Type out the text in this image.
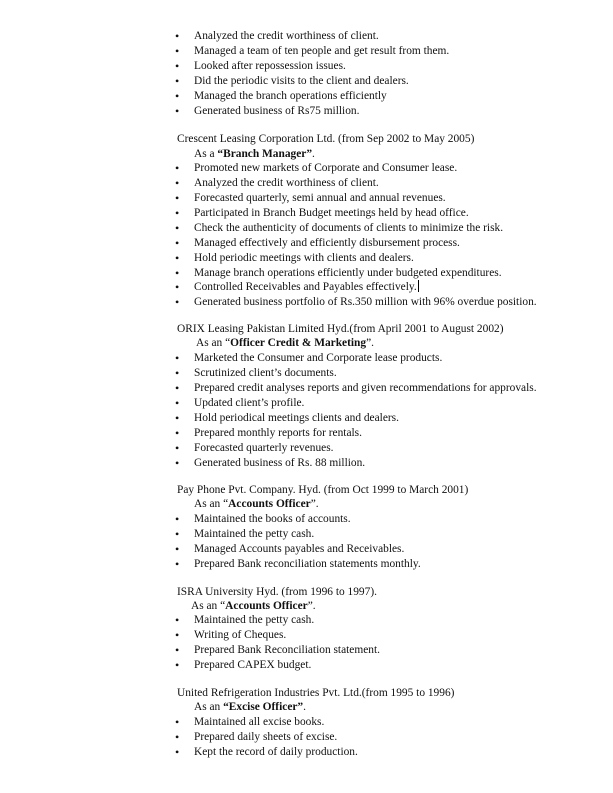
• Analyzed the credit worthiness of client.
• Managed a team of ten people and get result from them.
• Looked after repossession issues.
• Did the periodic visits to the client and dealers.
• Managed the branch operations efficiently
• Generated business of Rs75 million.
Crescent Leasing Corporation Ltd. (from Sep 2002 to May 2005)
As a “Branch Manager”.
• Promoted new markets of Corporate and Consumer lease.
• Analyzed the credit worthiness of client.
• Forecasted quarterly, semi annual and annual revenues.
• Participated in Branch Budget meetings held by head office.
• Check the authenticity of documents of clients to minimize the risk.
• Managed effectively and efficiently disbursement process.
• Hold periodic meetings with clients and dealers.
• Manage branch operations efficiently under budgeted expenditures.
• Controlled Receivables and Payables effectively.
• Generated business portfolio of Rs.350 million with 96% overdue position.
ORIX Leasing Pakistan Limited Hyd.(from April 2001 to August 2002)
As an “Officer Credit & Marketing”.
• Marketed the Consumer and Corporate lease products.
• Scrutinized client’s documents.
• Prepared credit analyses reports and given recommendations for approvals.
• Updated client’s profile.
• Hold periodical meetings clients and dealers.
• Prepared monthly reports for rentals.
• Forecasted quarterly revenues.
• Generated business of Rs. 88 million.
Pay Phone Pvt. Company. Hyd. (from Oct 1999 to March 2001)
As an “Accounts Officer”.
• Maintained the books of accounts.
• Maintained the petty cash.
• Managed Accounts payables and Receivables.
• Prepared Bank reconciliation statements monthly.
ISRA University Hyd. (from 1996 to 1997).
As an “Accounts Officer”.
• Maintained the petty cash.
• Writing of Cheques.
• Prepared Bank Reconciliation statement.
• Prepared CAPEX budget.
United Refrigeration Industries Pvt. Ltd.(from 1995 to 1996)
As an “Excise Officer”.
• Maintained all excise books.
• Prepared daily sheets of excise.
• Kept the record of daily production.
